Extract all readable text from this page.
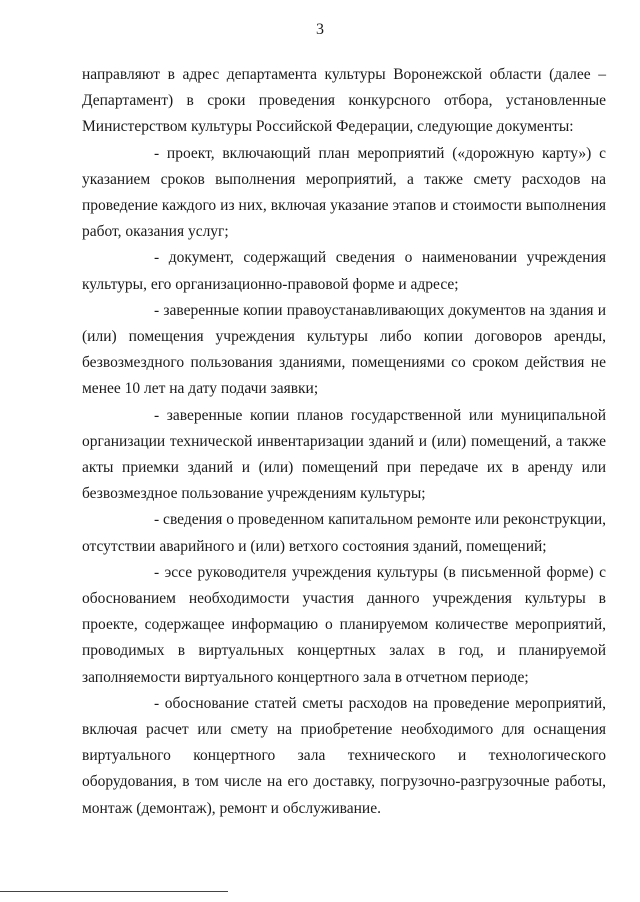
3

направляют в адрес департамента культуры Воронежской области (далее – Департамент) в сроки проведения конкурсного отбора, установленные Министерством культуры Российской Федерации, следующие документы:

- проект, включающий план мероприятий («дорожную карту») с указанием сроков выполнения мероприятий, а также смету расходов на проведение каждого из них, включая указание этапов и стоимости выполнения работ, оказания услуг;

- документ, содержащий сведения о наименовании учреждения культуры, его организационно-правовой форме и адресе;

- заверенные копии правоустанавливающих документов на здания и (или) помещения учреждения культуры либо копии договоров аренды, безвозмездного пользования зданиями, помещениями со сроком действия не менее 10 лет на дату подачи заявки;

- заверенные копии планов государственной или муниципальной организации технической инвентаризации зданий и (или) помещений, а также акты приемки зданий и (или) помещений при передаче их в аренду или безвозмездное пользование учреждениям культуры;

- сведения о проведенном капитальном ремонте или реконструкции, отсутствии аварийного и (или) ветхого состояния зданий, помещений;

- эссе руководителя учреждения культуры (в письменной форме) с обоснованием необходимости участия данного учреждения культуры в проекте, содержащее информацию о планируемом количестве мероприятий, проводимых в виртуальных концертных залах в год, и планируемой заполняемости виртуального концертного зала в отчетном периоде;

- обоснование статей сметы расходов на проведение мероприятий, включая расчет или смету на приобретение необходимого для оснащения виртуального концертного зала технического и технологического оборудования, в том числе на его доставку, погрузочно-разгрузочные работы, монтаж (демонтаж), ремонт и обслуживание.
